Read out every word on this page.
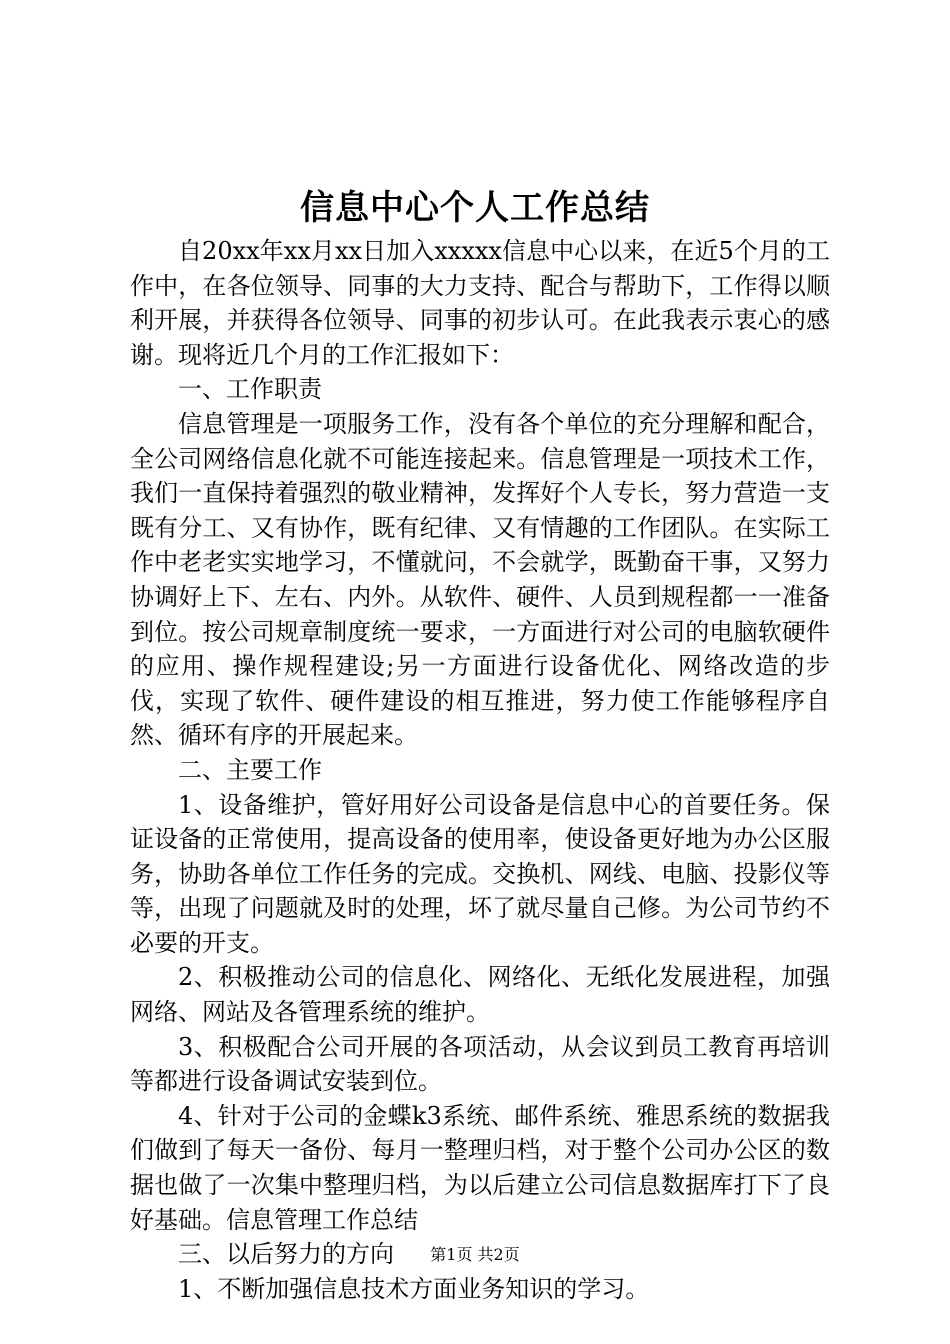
信息中心个人工作总结

自20xx年xx月xx日加入xxxxx信息中心以来，在近5个月的工作中，在各位领导、同事的大力支持、配合与帮助下，工作得以顺利开展，并获得各位领导、同事的初步认可。在此我表示衷心的感谢。现将近几个月的工作汇报如下：

一、工作职责

信息管理是一项服务工作，没有各个单位的充分理解和配合，全公司网络信息化就不可能连接起来。信息管理是一项技术工作，我们一直保持着强烈的敬业精神，发挥好个人专长，努力营造一支既有分工、又有协作，既有纪律、又有情趣的工作团队。在实际工作中老老实实地学习，不懂就问，不会就学，既勤奋干事，又努力协调好上下、左右、内外。从软件、硬件、人员到规程都一一准备到位。按公司规章制度统一要求，一方面进行对公司的电脑软硬件的应用、操作规程建设;另一方面进行设备优化、网络改造的步伐，实现了软件、硬件建设的相互推进，努力使工作能够程序自然、循环有序的开展起来。

二、主要工作

1、设备维护，管好用好公司设备是信息中心的首要任务。保证设备的正常使用，提高设备的使用率，使设备更好地为办公区服务，协助各单位工作任务的完成。交换机、网线、电脑、投影仪等等，出现了问题就及时的处理，坏了就尽量自己修。为公司节约不必要的开支。

2、积极推动公司的信息化、网络化、无纸化发展进程，加强网络、网站及各管理系统的维护。

3、积极配合公司开展的各项活动，从会议到员工教育再培训等都进行设备调试安装到位。

4、针对于公司的金蝶k3系统、邮件系统、雅思系统的数据我们做到了每天一备份、每月一整理归档，对于整个公司办公区的数据也做了一次集中整理归档，为以后建立公司信息数据库打下了良好基础。信息管理工作总结

三、以后努力的方向

1、不断加强信息技术方面业务知识的学习。

第1页 共2页
